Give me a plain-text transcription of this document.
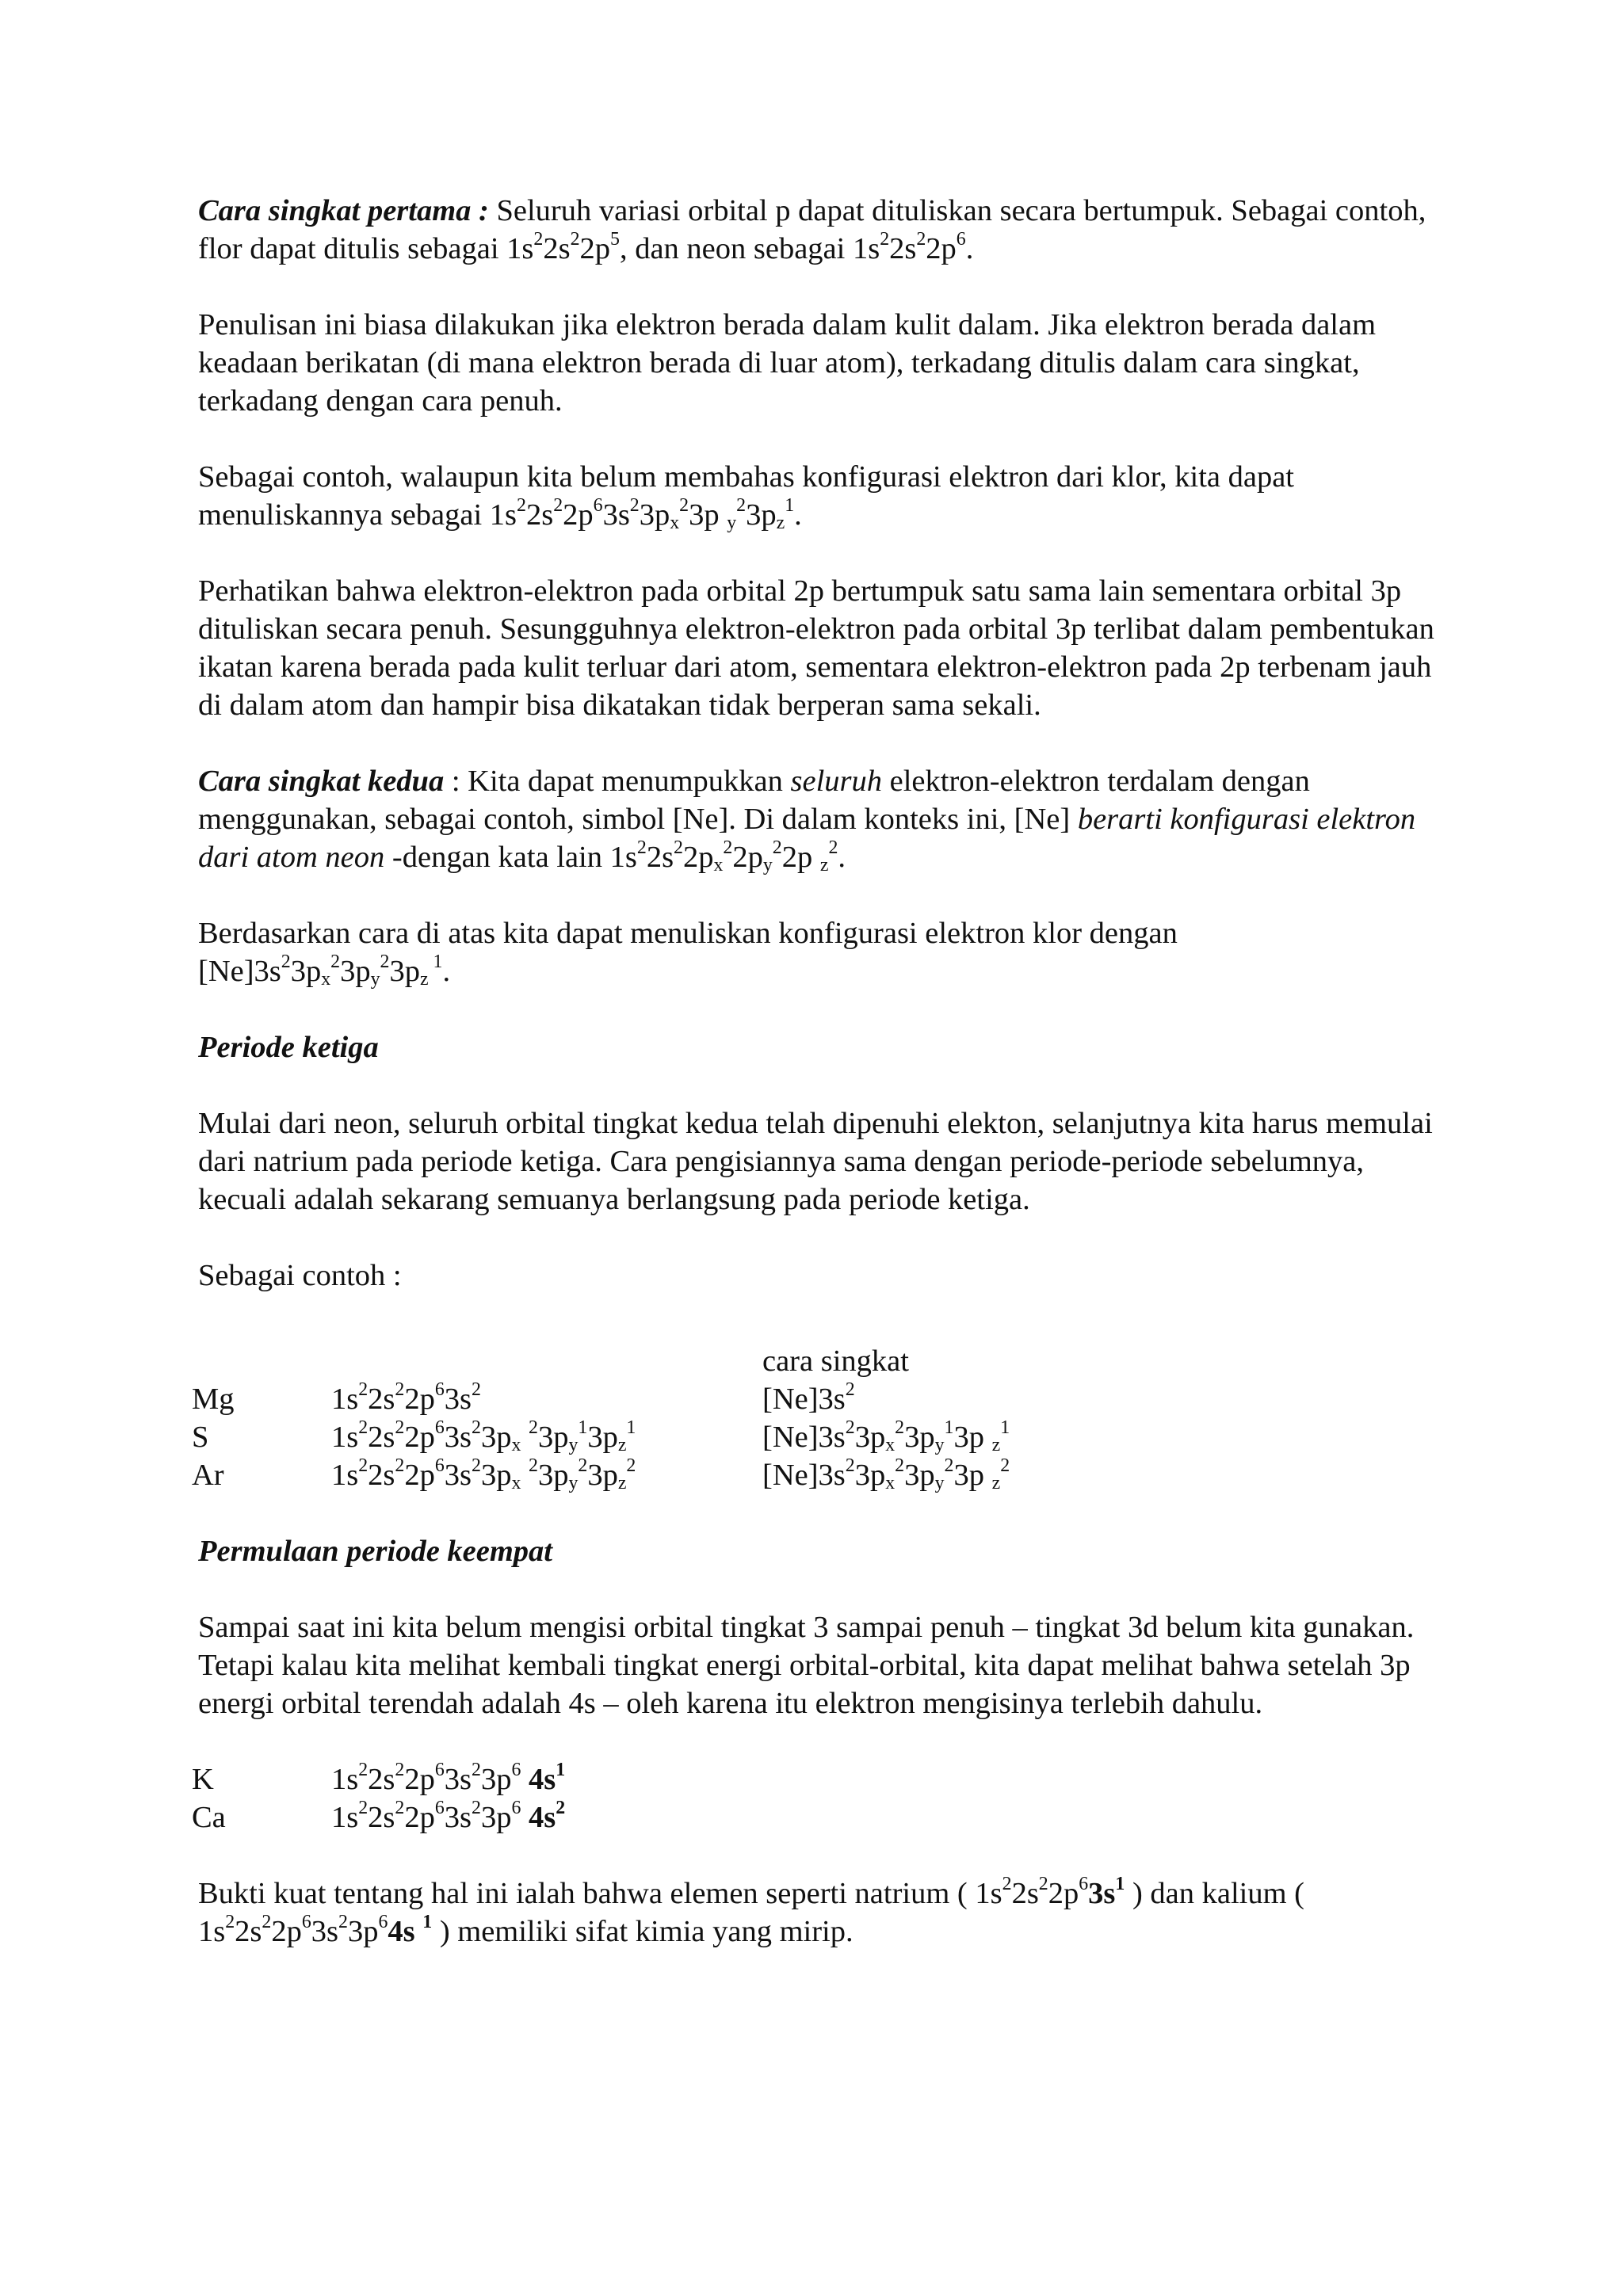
Cara singkat pertama : Seluruh variasi orbital p dapat dituliskan secara bertumpuk. Sebagai contoh, flor dapat ditulis sebagai $1s^22s^22p^5$, dan neon sebagai $1s^22s^22p^6$.

Penulisan ini biasa dilakukan jika elektron berada dalam kulit dalam. Jika elektron berada dalam keadaan berikatan (di mana elektron berada di luar atom), terkadang ditulis dalam cara singkat, terkadang dengan cara penuh.

Sebagai contoh, walaupun kita belum membahas konfigurasi elektron dari klor, kita dapat menuliskannya sebagai $1s^22s^22p^63s^23p_x^23p$ $_y^23p_z^1$.

Perhatikan bahwa elektron-elektron pada orbital 2p bertumpuk satu sama lain sementara orbital 3p dituliskan secara penuh. Sesungguhnya elektron-elektron pada orbital 3p terlibat dalam pembentukan ikatan karena berada pada kulit terluar dari atom, sementara elektron-elektron pada 2p terbenam jauh di dalam atom dan hampir bisa dikatakan tidak berperan sama sekali.

Cara singkat kedua : Kita dapat menumpukkan seluruh elektron-elektron terdalam dengan menggunakan, sebagai contoh, simbol [Ne]. Di dalam konteks ini, [Ne] berarti konfigurasi elektron dari atom neon -dengan kata lain $1s^22s^22p_x^22p_y^22p$ $_z^2$.

Berdasarkan cara di atas kita dapat menuliskan konfigurasi elektron klor dengan
$[Ne]3s^23p_x^23p_y^23p_z$ $^1$.

Periode ketiga

Mulai dari neon, seluruh orbital tingkat kedua telah dipenuhi elekton, selanjutnya kita harus memulai dari natrium pada periode ketiga. Cara pengisiannya sama dengan periode-periode sebelumnya, kecuali adalah sekarang semuanya berlangsung pada periode ketiga.

Sebagai contoh :

		cara singkat
Mg	$1s^22s^22p^63s^2$	$[Ne]3s^2$
S	$1s^22s^22p^63s^23p_x$ $^23p_y^13p_z^1$	$[Ne]3s^23p_x^23p_y^13p$ $_z^1$
Ar	$1s^22s^22p^63s^23p_x$ $^23p_y^23p_z^2$	$[Ne]3s^23p_x^23p_y^23p$ $_z^2$

Permulaan periode keempat

Sampai saat ini kita belum mengisi orbital tingkat 3 sampai penuh – tingkat 3d belum kita gunakan. Tetapi kalau kita melihat kembali tingkat energi orbital-orbital, kita dapat melihat bahwa setelah 3p energi orbital terendah adalah 4s – oleh karena itu elektron mengisinya terlebih dahulu.

K	$1s^22s^22p^63s^23p^6$ $4s^1$
Ca	$1s^22s^22p^63s^23p^6$ $4s^2$

Bukti kuat tentang hal ini ialah bahwa elemen seperti natrium ( $1s^22s^22p^63s^1$ ) dan kalium ( $1s^22s^22p^63s^23p^64s$ $^1$ ) memiliki sifat kimia yang mirip.
